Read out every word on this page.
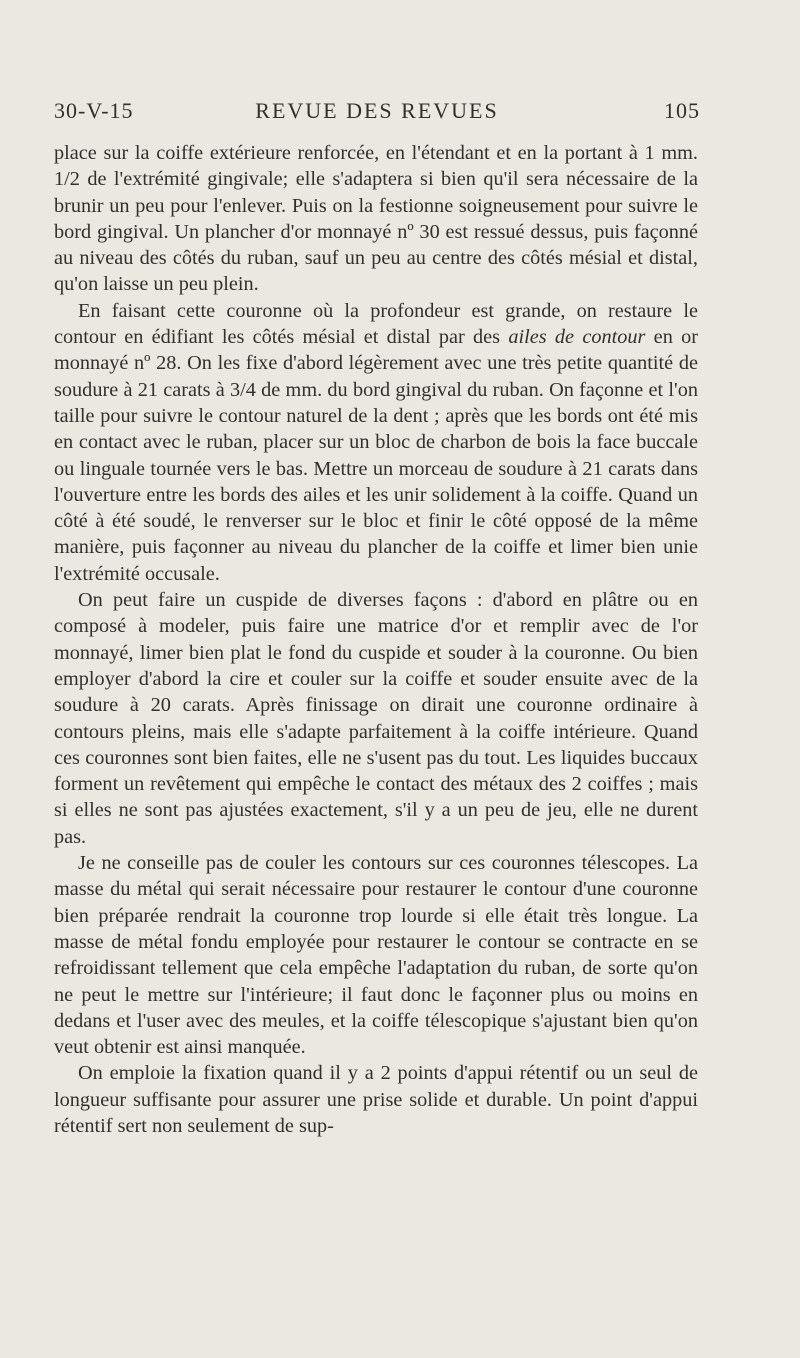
30-V-15	REVUE DES REVUES	105

place sur la coiffe extérieure renforcée, en l'étendant et en la portant à 1 mm. 1/2 de l'extrémité gingivale; elle s'adaptera si bien qu'il sera nécessaire de la brunir un peu pour l'enlever. Puis on la festionne soigneusement pour suivre le bord gingival. Un plancher d'or monnayé nº 30 est ressué dessus, puis façonné au niveau des côtés du ruban, sauf un peu au centre des côtés mésial et distal, qu'on laisse un peu plein.

En faisant cette couronne où la profondeur est grande, on restaure le contour en édifiant les côtés mésial et distal par des ailes de contour en or monnayé nº 28. On les fixe d'abord légèrement avec une très petite quantité de soudure à 21 carats à 3/4 de mm. du bord gingival du ruban. On façonne et l'on taille pour suivre le contour naturel de la dent ; après que les bords ont été mis en contact avec le ruban, placer sur un bloc de charbon de bois la face buccale ou linguale tournée vers le bas. Mettre un morceau de soudure à 21 carats dans l'ouverture entre les bords des ailes et les unir solidement à la coiffe. Quand un côté à été soudé, le renverser sur le bloc et finir le côté opposé de la même manière, puis façonner au niveau du plancher de la coiffe et limer bien unie l'extrémité occusale.

On peut faire un cuspide de diverses façons : d'abord en plâtre ou en composé à modeler, puis faire une matrice d'or et remplir avec de l'or monnayé, limer bien plat le fond du cuspide et souder à la couronne. Ou bien employer d'abord la cire et couler sur la coiffe et souder ensuite avec de la soudure à 20 carats. Après finissage on dirait une couronne ordinaire à contours pleins, mais elle s'adapte parfaitement à la coiffe intérieure. Quand ces couronnes sont bien faites, elle ne s'usent pas du tout. Les liquides buccaux forment un revêtement qui empêche le contact des métaux des 2 coiffes ; mais si elles ne sont pas ajustées exactement, s'il y a un peu de jeu, elle ne durent pas.

Je ne conseille pas de couler les contours sur ces couronnes télescopes. La masse du métal qui serait nécessaire pour restaurer le contour d'une couronne bien préparée rendrait la couronne trop lourde si elle était très longue. La masse de métal fondu employée pour restaurer le contour se contracte en se refroidissant tellement que cela empêche l'adaptation du ruban, de sorte qu'on ne peut le mettre sur l'intérieure; il faut donc le façonner plus ou moins en dedans et l'user avec des meules, et la coiffe télescopique s'ajustant bien qu'on veut obtenir est ainsi manquée.

On emploie la fixation quand il y a 2 points d'appui rétentif ou un seul de longueur suffisante pour assurer une prise solide et durable. Un point d'appui rétentif sert non seulement de sup-
